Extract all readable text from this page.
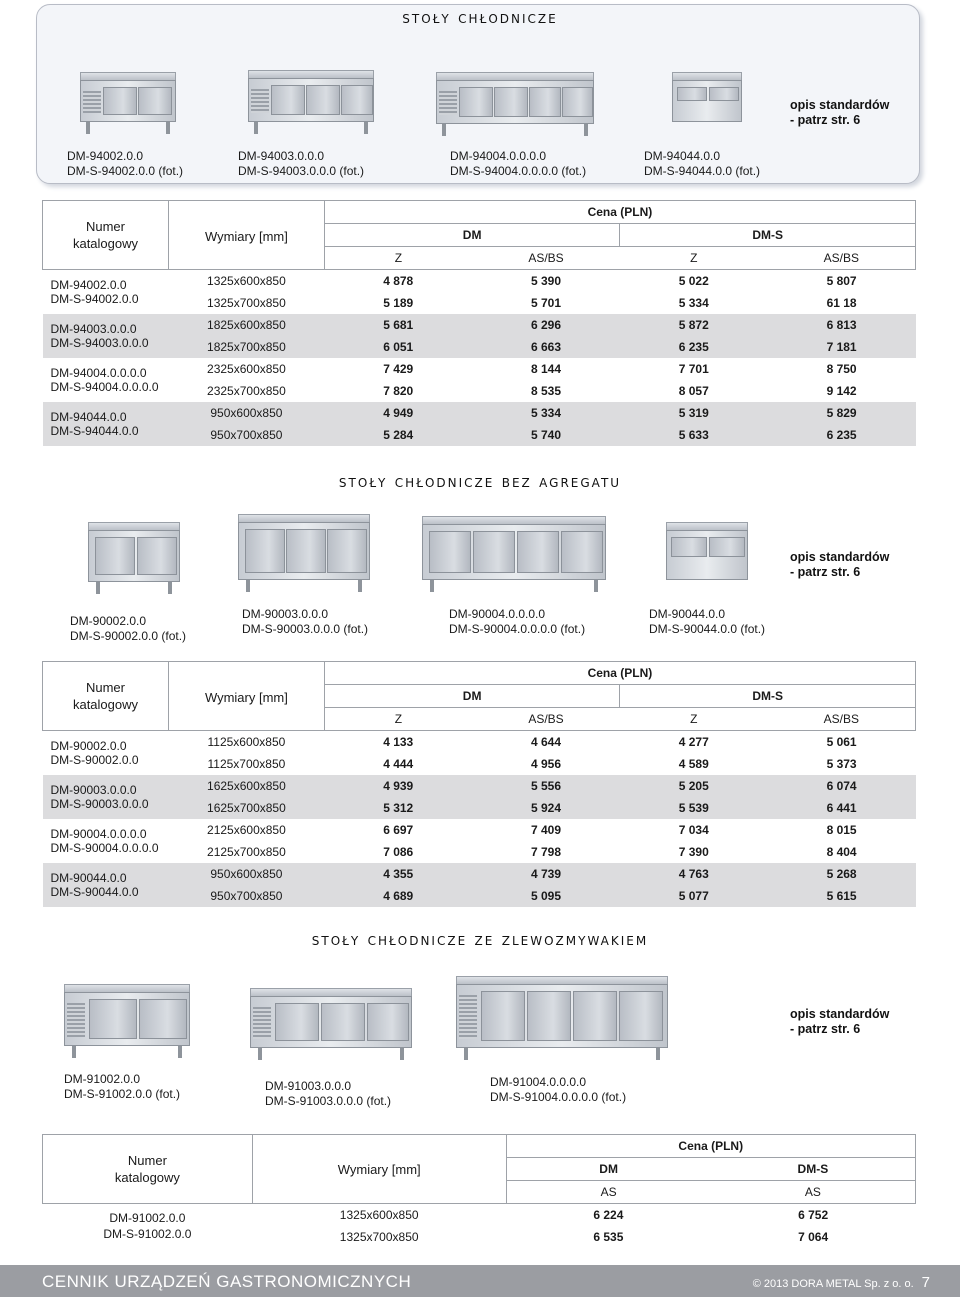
stoły chłodnicze
opis standardów
- patrz str. 6
DM-94002.0.0
DM-S-94002.0.0 (fot.)
DM-94003.0.0.0
DM-S-94003.0.0.0 (fot.)
DM-94004.0.0.0.0
DM-S-94004.0.0.0.0 (fot.)
DM-94044.0.0
DM-S-94044.0.0 (fot.)
Numer
katalogowy	Wymiary [mm]	Cena (PLN)			
		DM		DM-S	
		Z	AS/BS	Z	AS/BS

DM-94002.0.0
DM-S-94002.0.0	1325x600x850	4 878	5 390	5 022	5 807
	1325x700x850	5 189	5 701	5 334	61 18

DM-94003.0.0.0
DM-S-94003.0.0.0	1825x600x850	5 681	6 296	5 872	6 813
	1825x700x850	6 051	6 663	6 235	7 181

DM-94004.0.0.0.0
DM-S-94004.0.0.0.0	2325x600x850	7 429	8 144	7 701	8 750
	2325x700x850	7 820	8 535	8 057	9 142

DM-94044.0.0
DM-S-94044.0.0	950x600x850	4 949	5 334	5 319	5 829
	950x700x850	5 284	5 740	5 633	6 235
stoły chłodnicze bez agregatu
opis standardów
- patrz str. 6
DM-90002.0.0
DM-S-90002.0.0 (fot.)
DM-90003.0.0.0
DM-S-90003.0.0.0 (fot.)
DM-90004.0.0.0.0
DM-S-90004.0.0.0.0 (fot.)
DM-90044.0.0
DM-S-90044.0.0 (fot.)
Numer
katalogowy	Wymiary [mm]	Cena (PLN)			
		DM		DM-S	
		Z	AS/BS	Z	AS/BS

DM-90002.0.0
DM-S-90002.0.0	1125x600x850	4 133	4 644	4 277	5 061
	1125x700x850	4 444	4 956	4 589	5 373

DM-90003.0.0.0
DM-S-90003.0.0.0	1625x600x850	4 939	5 556	5 205	6 074
	1625x700x850	5 312	5 924	5 539	6 441

DM-90004.0.0.0.0
DM-S-90004.0.0.0.0	2125x600x850	6 697	7 409	7 034	8 015
	2125x700x850	7 086	7 798	7 390	8 404

DM-90044.0.0
DM-S-90044.0.0	950x600x850	4 355	4 739	4 763	5 268
	950x700x850	4 689	5 095	5 077	5 615
stoły chłodnicze ze zlewozmywakiem
opis standardów
- patrz str. 6
DM-91002.0.0
DM-S-91002.0.0 (fot.)
DM-91003.0.0.0
DM-S-91003.0.0.0 (fot.)
DM-91004.0.0.0.0
DM-S-91004.0.0.0.0 (fot.)
Numer
katalogowy	Wymiary [mm]	Cena (PLN)	
		DM	DM-S
		AS	AS

DM-91002.0.0
DM-S-91002.0.0	1325x600x850	6 224	6 752
	1325x700x850	6 535	7 064
CENNIK URZĄDZEŃ GASTRONOMICZNYCH	© 2013 DORA METAL Sp. z o. o. 7
